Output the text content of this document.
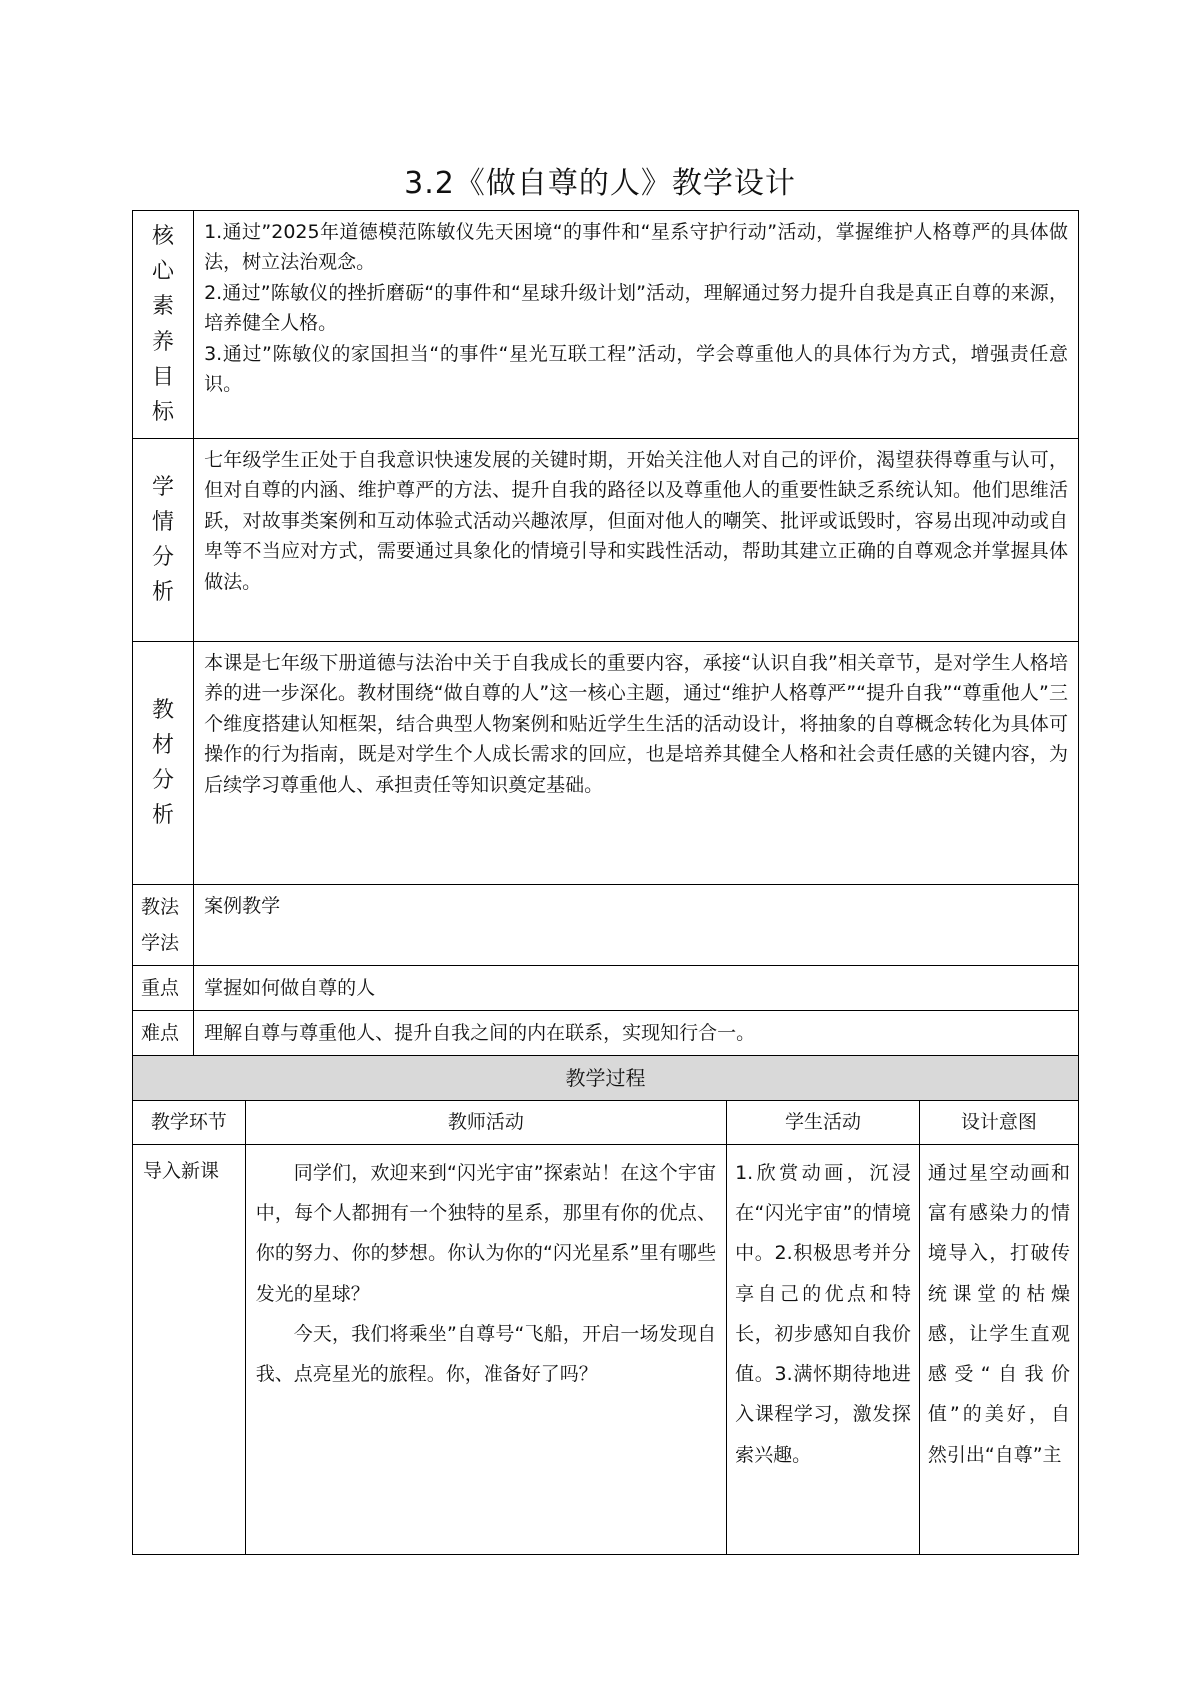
3.2《做自尊的人》教学设计
核心素养目标	1.通过”2025年道德模范陈敏仪先天困境“的事件和“星系守护行动”活动，掌握维护人格尊严的具体做法，树立法治观念。

2.通过”陈敏仪的挫折磨砺“的事件和“星球升级计划”活动，理解通过努力提升自我是真正自尊的来源，培养健全人格。

3.通过”陈敏仪的家国担当“的事件“星光互联工程”活动，学会尊重他人的具体行为方式，增强责任意识。			

学情分析	七年级学生正处于自我意识快速发展的关键时期，开始关注他人对自己的评价，渴望获得尊重与认可，但对自尊的内涵、维护尊严的方法、提升自我的路径以及尊重他人的重要性缺乏系统认知。他们思维活跃，对故事类案例和互动体验式活动兴趣浓厚，但面对他人的嘲笑、批评或诋毁时，容易出现冲动或自卑等不当应对方式，需要通过具象化的情境引导和实践性活动，帮助其建立正确的自尊观念并掌握具体做法。			
教材分析	本课是七年级下册道德与法治中关于自我成长的重要内容，承接“认识自我”相关章节，是对学生人格培养的进一步深化。教材围绕“做自尊的人”这一核心主题，通过“维护人格尊严”“提升自我”“尊重他人”三个维度搭建认知框架，结合典型人物案例和贴近学生生活的活动设计，将抽象的自尊概念转化为具体可操作的行为指南，既是对学生个人成长需求的回应，也是培养其健全人格和社会责任感的关键内容，为后续学习尊重他人、承担责任等知识奠定基础。			
教法学法	案例教学			
重点	掌握如何做自尊的人			
难点	理解自尊与尊重他人、提升自我之间的内在联系，实现知行合一。			
教学过程				
教学环节		教师活动	学生活动	设计意图
导入新课		同学们，欢迎来到“闪光宇宙”探索站！在这个宇宙中，每个人都拥有一个独特的星系，那里有你的优点、你的努力、你的梦想。你认为你的“闪光星系”里有哪些发光的星球？

今天，我们将乘坐”自尊号“飞船，开启一场发现自我、点亮星光的旅程。你，准备好了吗？	1.欣赏动画，沉浸在“闪光宇宙”的情境中。2.积极思考并分享自己的优点和特长，初步感知自我价值。3.满怀期待地进入课程学习，激发探索兴趣。	通过星空动画和富有感染力的情境导入，打破传统课堂的枯燥感，让学生直观感受“自我价值”的美好，自然引出“自尊”主
